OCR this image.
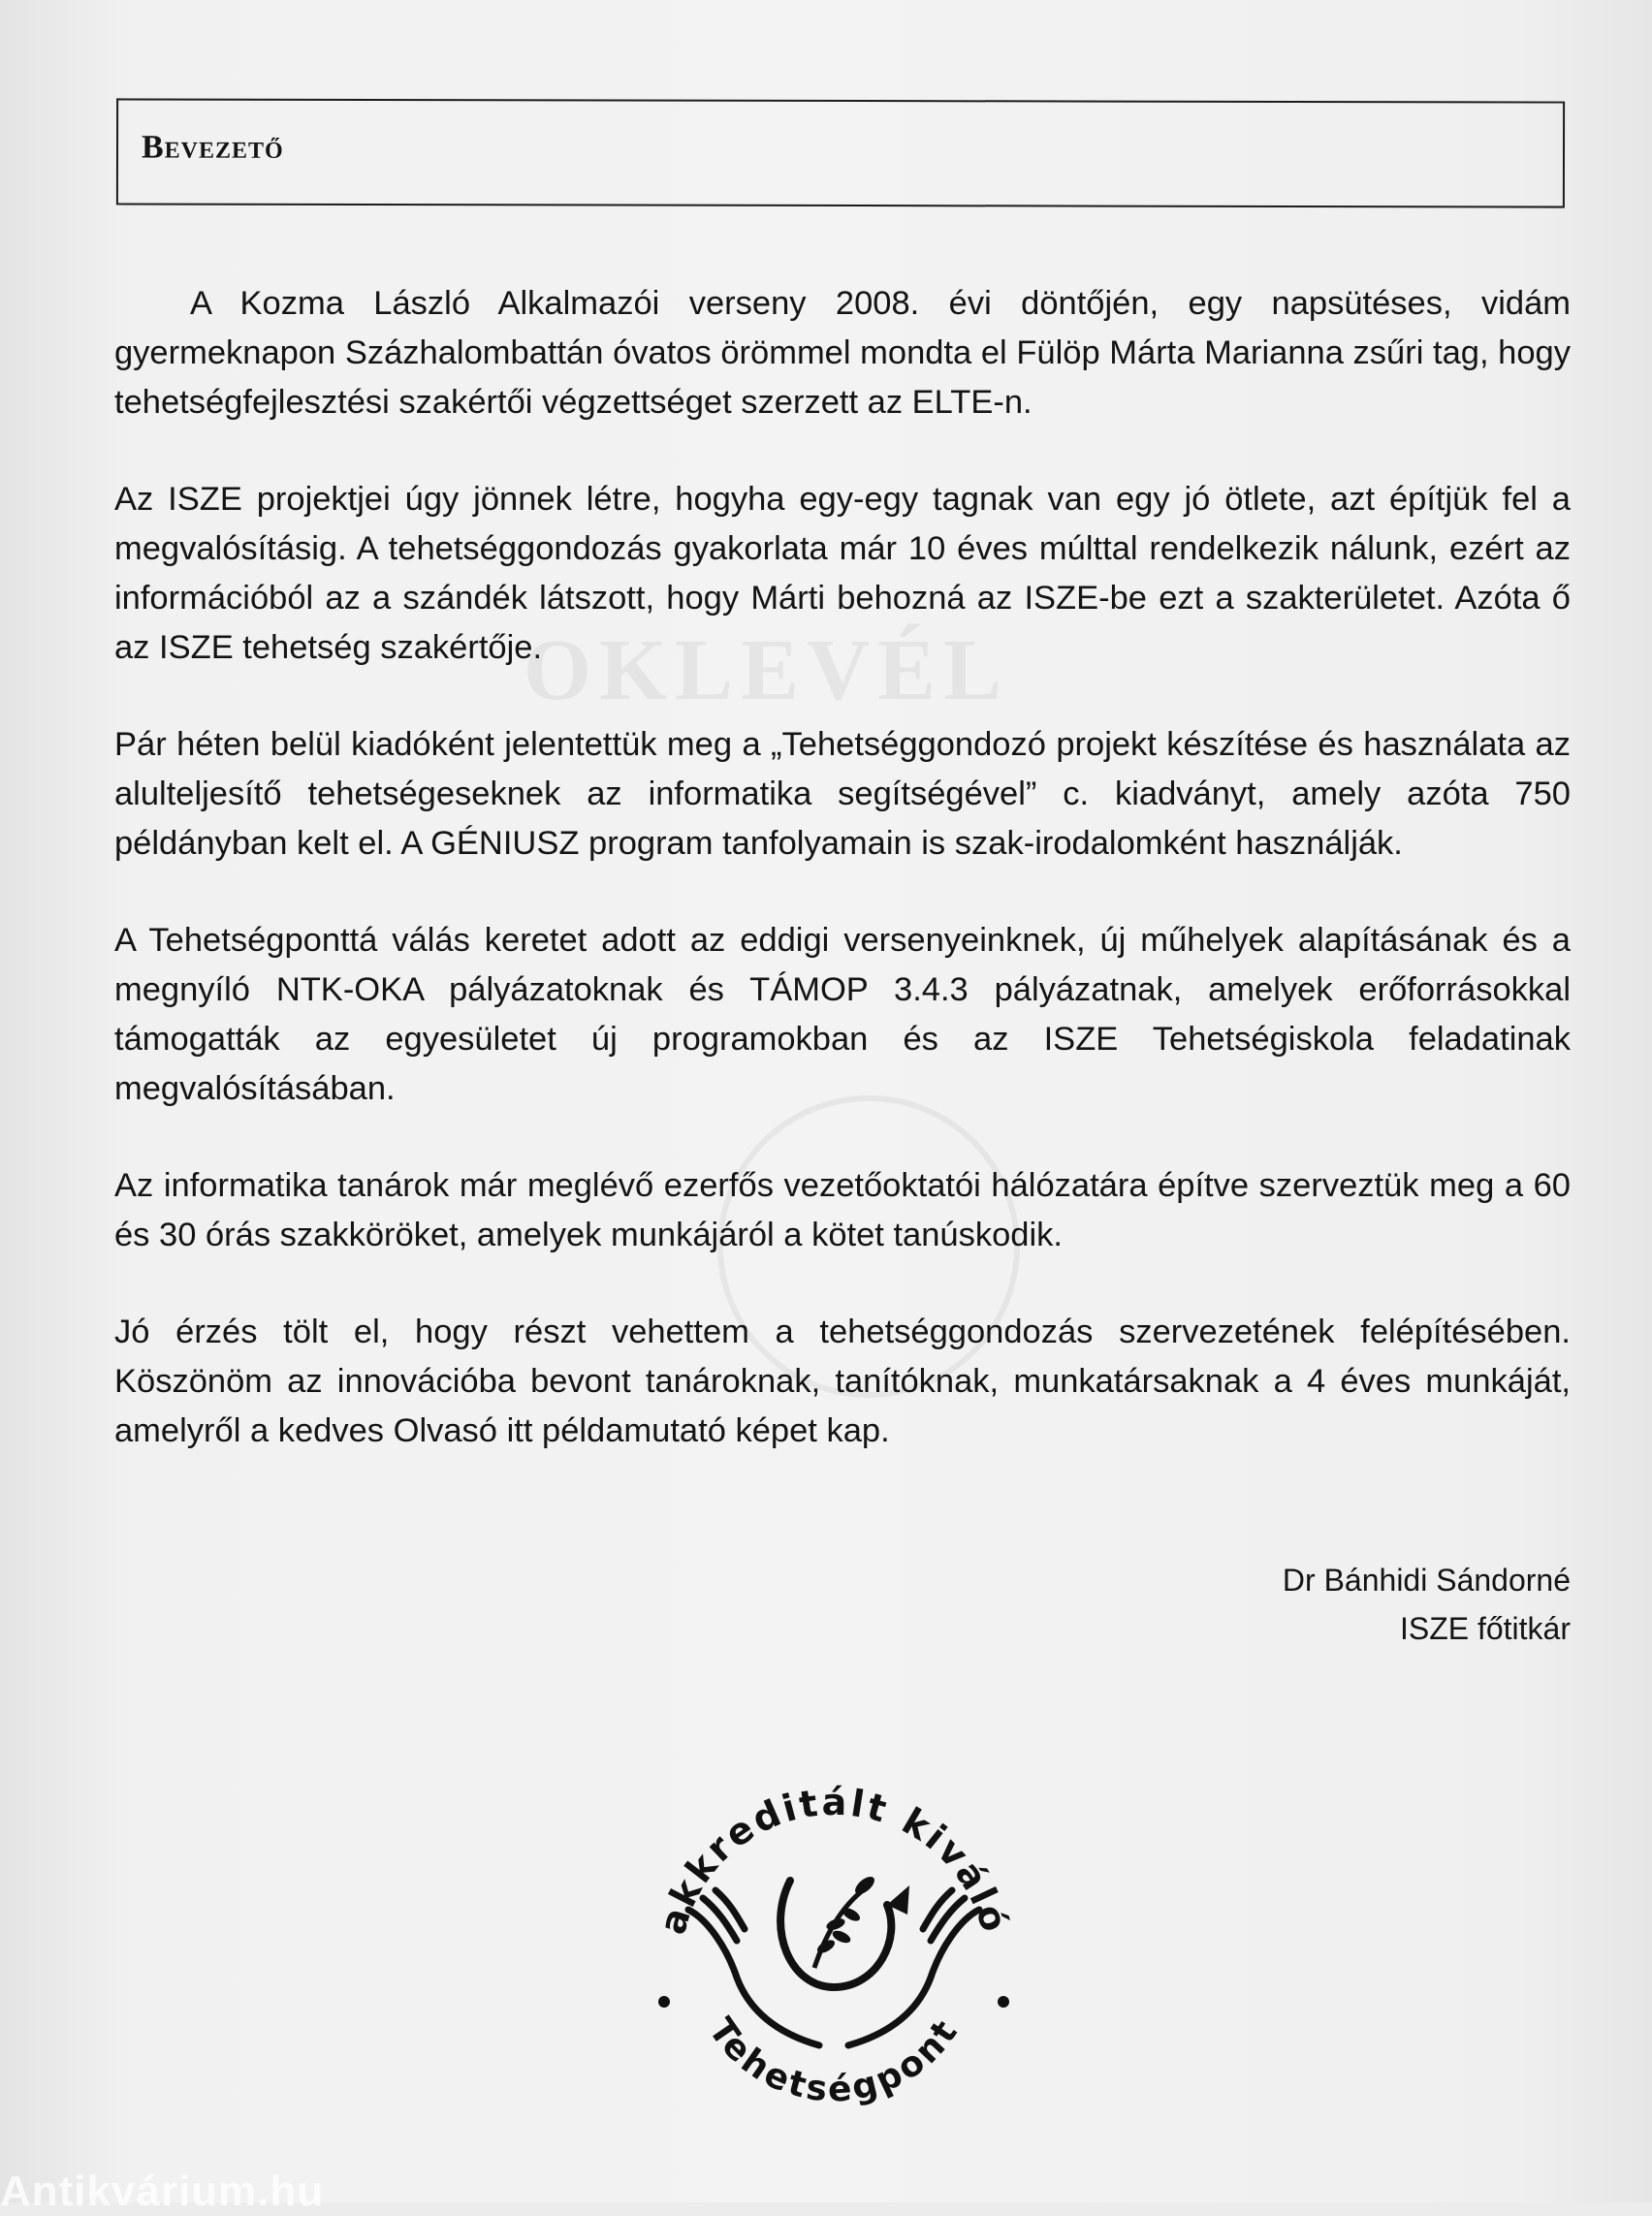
OKLEVÉL
Bevezető

A Kozma László Alkalmazói verseny 2008. évi döntőjén, egy napsütéses, vidám gyermeknapon Százhalombattán óvatos örömmel mondta el Fülöp Márta Marianna zsűri tag, hogy tehetségfejlesztési szakértői végzettséget szerzett az ELTE-n.

Az ISZE projektjei úgy jönnek létre, hogyha egy-egy tagnak van egy jó ötlete, azt építjük fel a megvalósításig. A tehetséggondozás gyakorlata már 10 éves múlttal rendelkezik nálunk, ezért az információból az a szándék látszott, hogy Márti behozná az ISZE-be ezt a szakterületet. Azóta ő az ISZE tehetség szakértője.

Pár héten belül kiadóként jelentettük meg a „Tehetséggondozó projekt készítése és használata az alulteljesítő tehetségeseknek az informatika segítségével” c. kiadványt, amely azóta 750 példányban kelt el. A GÉNIUSZ program tanfolyamain is szak-irodalomként használják.

A Tehetségponttá válás keretet adott az eddigi versenyeinknek, új műhelyek alapításának és a megnyíló NTK-OKA pályázatoknak és TÁMOP 3.4.3 pályázatnak, amelyek erőforrásokkal támogatták az egyesületet új programokban és az ISZE Tehetségiskola feladatinak megvalósításában.

Az informatika tanárok már meglévő ezerfős vezetőoktatói hálózatára építve szerveztük meg a 60 és 30 órás szakköröket, amelyek munkájáról a kötet tanúskodik.

Jó érzés tölt el, hogy részt vehettem a tehetséggondozás szervezetének felépítésében. Köszönöm az innovációba bevont tanároknak, tanítóknak, munkatársaknak a 4 éves munkáját, amelyről a kedves Olvasó itt példamutató képet kap.

Dr Bánhidi Sándorné
ISZE főtitkár
akkreditált kiváló
Tehetségpont
Antikvárium.hu
